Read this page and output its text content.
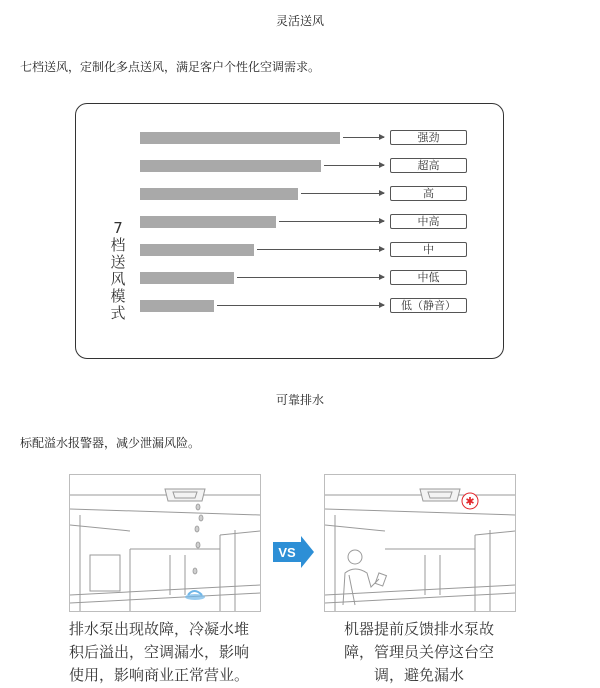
灵活送风
七档送风，定制化多点送风，满足客户个性化空调需求。
7
档
送
风
模
式
强劲
超高
高
中高
中
中低
低（静音）
可靠排水
标配溢水报警器，减少泄漏风险。
VS
✱
排水泵出现故障，冷凝水堆
积后溢出，空调漏水，影响
使用，影响商业正常营业。
机器提前反馈排水泵故
障，管理员关停这台空
调，避免漏水
